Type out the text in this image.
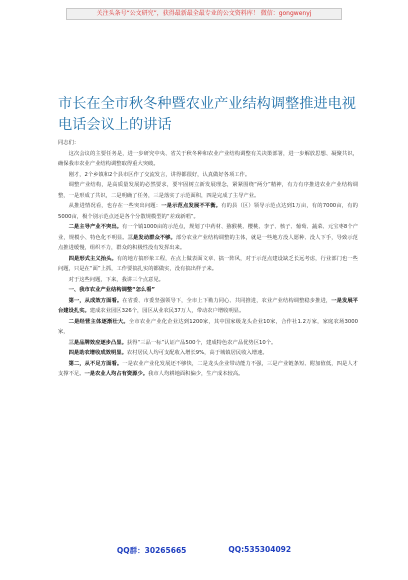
关注头条号“公文研究”，获得最新最全最专业的公文资料库！ 微信：gongwenyj
市长在全市秋冬种暨农业产业结构调整推进电视电话会议上的讲话
同志们：
这次会议的主要任务是，进一步研究中央、省关于秋冬种和农业产业结构调整有关决策部署，进一步解放思想、凝聚共识，确保我市农业产业结构调整取得重大突破。
刚才，2个乡镇和2个县市区作了交流发言，讲得都很好，认真做好各项工作。
调整产业结构，是高质量发展的必然要求，要牢固树立新发展理念，紧紧围绕“两分”精神，有力有序推进农业产业结构调整，一是形成了共识，二是明确了任务，三是落实了示范面积，四是完成了主导产业。
从推进情况看，也存在一些突出问题：一是示范点发展不平衡。有的县（区）领导示范点达到1万亩，有的7000亩，有的5000亩，极个别示范点还是各个分散规模型的“差戏新唱”。
二是主导产业不突出。有一个镇1000亩的示范点，规划了中药材、猕猴桃、樱桃、李子、核子、葡萄、蔬菜、元宝枣8个产业，规模小、特色化不明显。三是发动群众不够。部分农业产业结构调整的主体，就是一些地方没人愿种、没人下手，导致示范点推进缓慢，组织不力，群众的积极性没有发挥出来。
四是形式主义抬头。有的地方搞形象工程，在点上做表面文章、搞一阵风，对于示范点建设缺乏长远考虑，行业部门也一些问题，只是在“面”上抓，工作要搞扎实的都做实，没有搞出样子来。
对于这些问题，下来，我讲三个点意见。
一、我市农业产业结构调整“怎么看”
第一，从成效方面看。在省委、市委坚强领导下，全市上下勠力同心、共同推进，农业产业结构调整稳步推进，一是发展平台建设扎实。建成农业园区326个，园区从业农民37万人，带动农户增收明显。
二是经营主体逐渐壮大。全市农业产业化企业达到1200家，其中国家级龙头企业10家，合作社1.2万家，家庭农场3000家，
三是品牌效应逐步凸显。获得“三品一标”认证产品500个，建成特色农产品优势区10个。
四是助农增收成效明显。农村居民人均可支配收入增长9%，高于城镇居民收入增速。
第二，从不足方面看。一是农业产业化发展还不够快，二是龙头企业带动能力不强，三是产业链条短、附加值低，四是人才支撑不足。一是农业人均占有资源少。我市人均耕地面积偏少，生产成本较高。
QQ群：30265665	QQ:535304092
